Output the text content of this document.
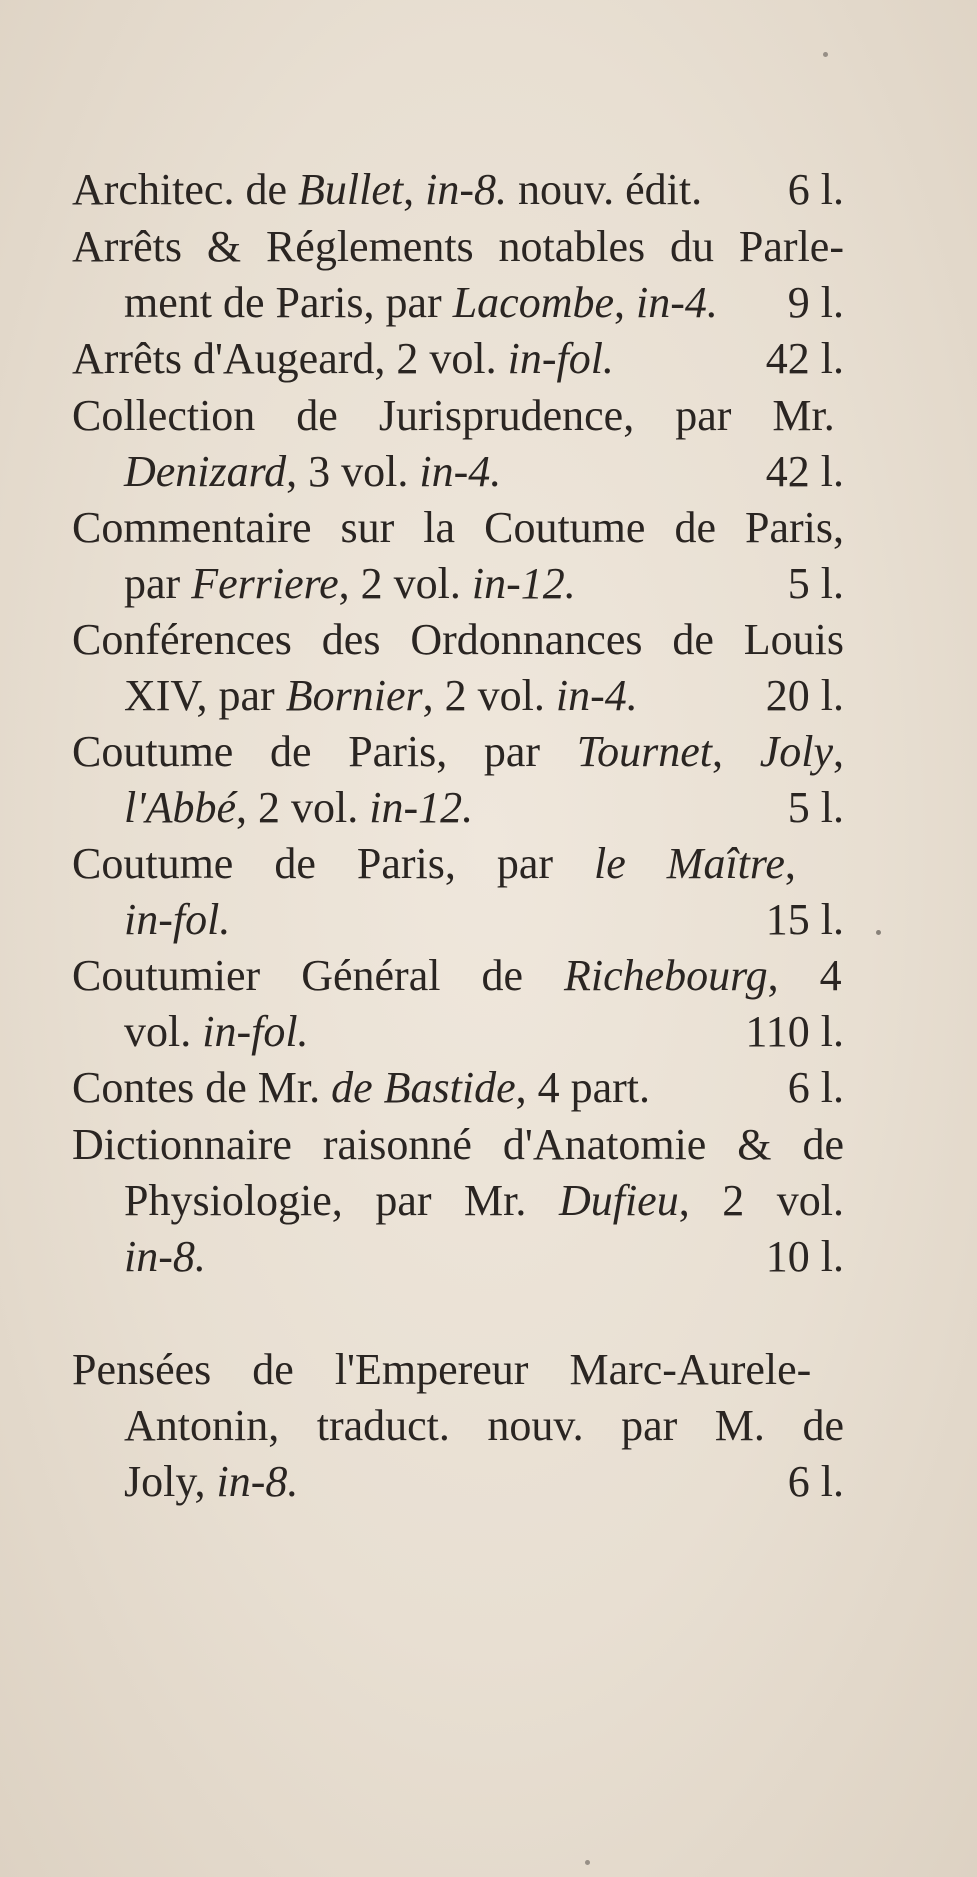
Architec. de Bullet, in-8. nouv. édit. 6 l.
Arrêts & Réglements notables du Parle-
ment de Paris, par Lacombe, in-4. 9 l.
Arrêts d'Augeard, 2 vol. in-fol.	42 l.
Collection de Jurisprudence, par Mr.
Denizard, 3 vol. in-4.	42 l.
Commentaire sur la Coutume de Paris,
par Ferriere, 2 vol. in-12.	5 l.
Conférences des Ordonnances de Louis
XIV, par Bornier, 2 vol. in-4.	20 l.
Coutume de Paris, par Tournet, Joly,
l'Abbé, 2 vol. in-12.	5 l.
Coutume de Paris, par le Maître,
in-fol.	15 l.
Coutumier Général de Richebourg, 4
vol. in-fol.	110 l.
Contes de Mr. de Bastide, 4 part.	6 l.
Dictionnaire raisonné d'Anatomie & de
Physiologie, par Mr. Dufieu, 2 vol.
in-8.	10 l.
Pensées de l'Empereur Marc-Aurele-
Antonin, traduct. nouv. par M. de
Joly, in-8.	6 l.
